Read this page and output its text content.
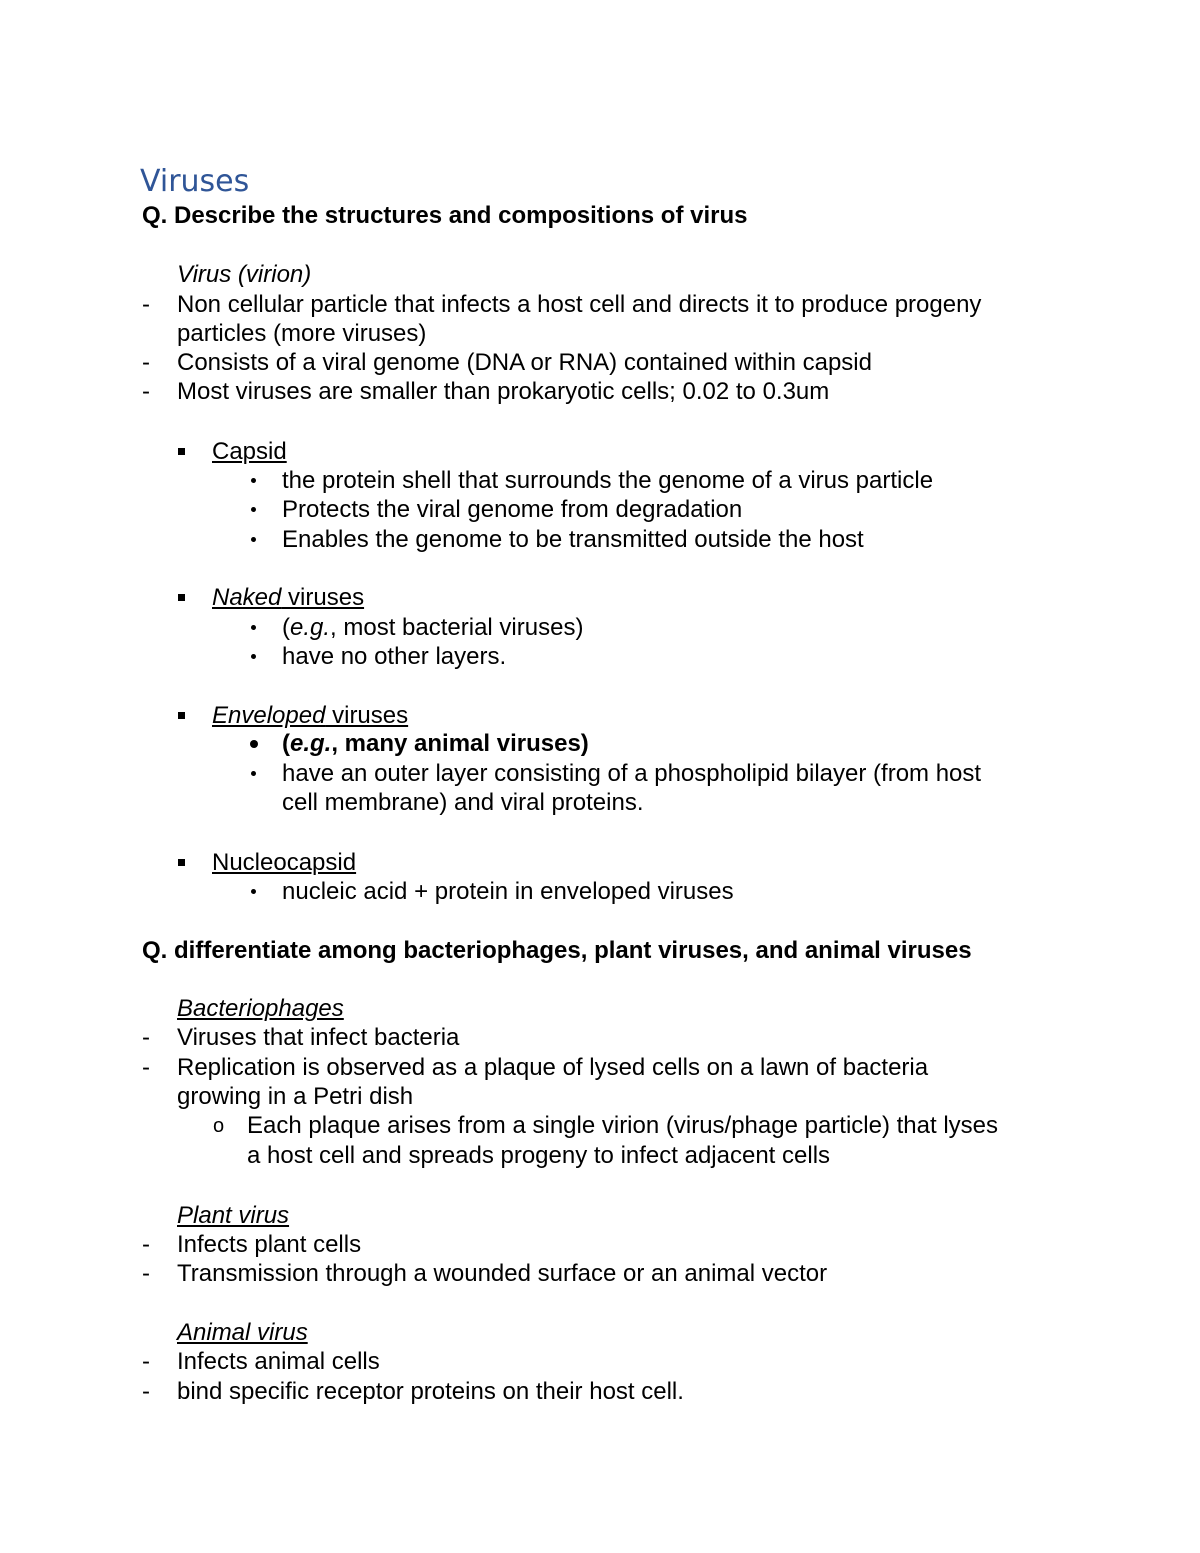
Viruses
Q. Describe the structures and compositions of virus
Virus (virion)
- Non cellular particle that infects a host cell and directs it to produce progeny
particles (more viruses)
- Consists of a viral genome (DNA or RNA) contained within capsid
- Most viruses are smaller than prokaryotic cells; 0.02 to 0.3um
Capsid
the protein shell that surrounds the genome of a virus particle
Protects the viral genome from degradation
Enables the genome to be transmitted outside the host
Naked viruses
(e.g., most bacterial viruses)
have no other layers.
Enveloped viruses
(e.g., many animal viruses)
have an outer layer consisting of a phospholipid bilayer (from host
cell membrane) and viral proteins.
Nucleocapsid
nucleic acid + protein in enveloped viruses
Q. differentiate among bacteriophages, plant viruses, and animal viruses
Bacteriophages
- Viruses that infect bacteria
- Replication is observed as a plaque of lysed cells on a lawn of bacteria
growing in a Petri dish
o Each plaque arises from a single virion (virus/phage particle) that lyses
a host cell and spreads progeny to infect adjacent cells
Plant virus
- Infects plant cells
- Transmission through a wounded surface or an animal vector
Animal virus
- Infects animal cells
- bind specific receptor proteins on their host cell.
